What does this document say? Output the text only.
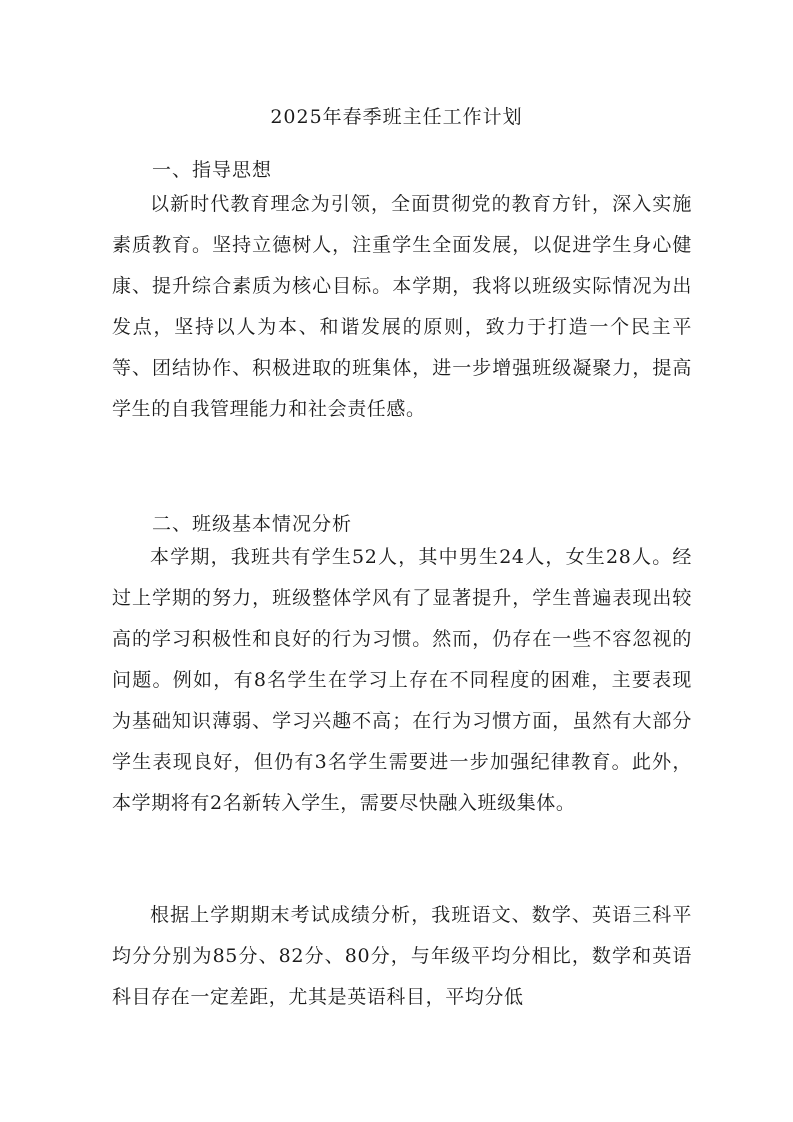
2025年春季班主任工作计划
一、指导思想
以新时代教育理念为引领，全面贯彻党的教育方针，深入实施素质教育。坚持立德树人，注重学生全面发展，以促进学生身心健康、提升综合素质为核心目标。本学期，我将以班级实际情况为出发点，坚持以人为本、和谐发展的原则，致力于打造一个民主平等、团结协作、积极进取的班集体，进一步增强班级凝聚力，提高学生的自我管理能力和社会责任感。
二、班级基本情况分析
本学期，我班共有学生52人，其中男生24人，女生28人。经过上学期的努力，班级整体学风有了显著提升，学生普遍表现出较高的学习积极性和良好的行为习惯。然而，仍存在一些不容忽视的问题。例如，有8名学生在学习上存在不同程度的困难，主要表现为基础知识薄弱、学习兴趣不高；在行为习惯方面，虽然有大部分学生表现良好，但仍有3名学生需要进一步加强纪律教育。此外，本学期将有2名新转入学生，需要尽快融入班级集体。
根据上学期期末考试成绩分析，我班语文、数学、英语三科平均分分别为85分、82分、80分，与年级平均分相比，数学和英语科目存在一定差距，尤其是英语科目，平均分低
